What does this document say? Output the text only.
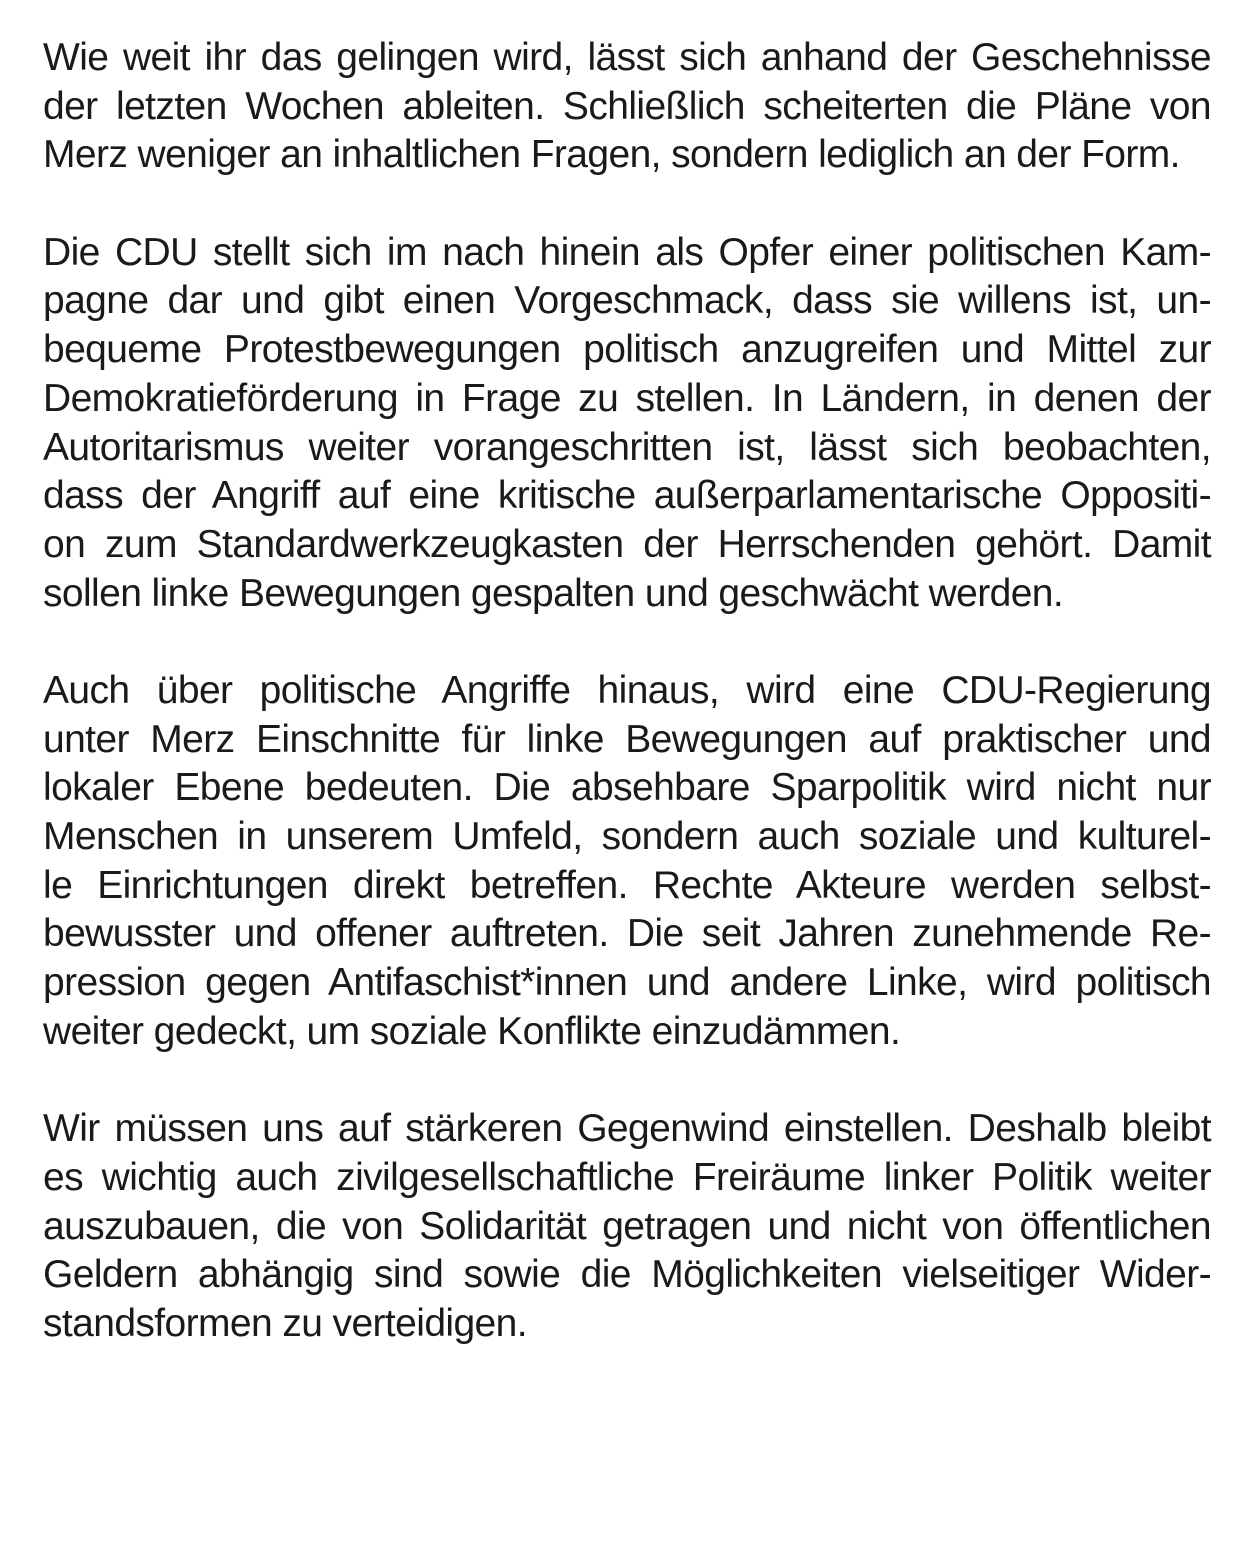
Wie weit ihr das gelingen wird, lässt sich anhand der Geschehnisse
der letzten Wochen ableiten. Schließlich scheiterten die Pläne von
Merz weniger an inhaltlichen Fragen, sondern lediglich an der Form.
Die CDU stellt sich im nach hinein als Opfer einer politischen Kam-
pagne dar und gibt einen Vorgeschmack, dass sie willens ist, un-
bequeme Protestbewegungen politisch anzugreifen und Mittel zur
Demokratieförderung in Frage zu stellen. In Ländern, in denen der
Autoritarismus weiter vorangeschritten ist, lässt sich beobachten,
dass der Angriff auf eine kritische außerparlamentarische Oppositi-
on zum Standardwerkzeugkasten der Herrschenden gehört. Damit
sollen linke Bewegungen gespalten und geschwächt werden.
Auch über politische Angriffe hinaus, wird eine CDU-Regierung
unter Merz Einschnitte für linke Bewegungen auf praktischer und
lokaler Ebene bedeuten. Die absehbare Sparpolitik wird nicht nur
Menschen in unserem Umfeld, sondern auch soziale und kulturel-
le Einrichtungen direkt betreffen. Rechte Akteure werden selbst-
bewusster und offener auftreten. Die seit Jahren zunehmende Re-
pression gegen Antifaschist*innen und andere Linke, wird politisch
weiter gedeckt, um soziale Konflikte einzudämmen.
Wir müssen uns auf stärkeren Gegenwind einstellen. Deshalb bleibt
es wichtig auch zivilgesellschaftliche Freiräume linker Politik weiter
auszubauen, die von Solidarität getragen und nicht von öffentlichen
Geldern abhängig sind sowie die Möglichkeiten vielseitiger Wider-
standsformen zu verteidigen.
